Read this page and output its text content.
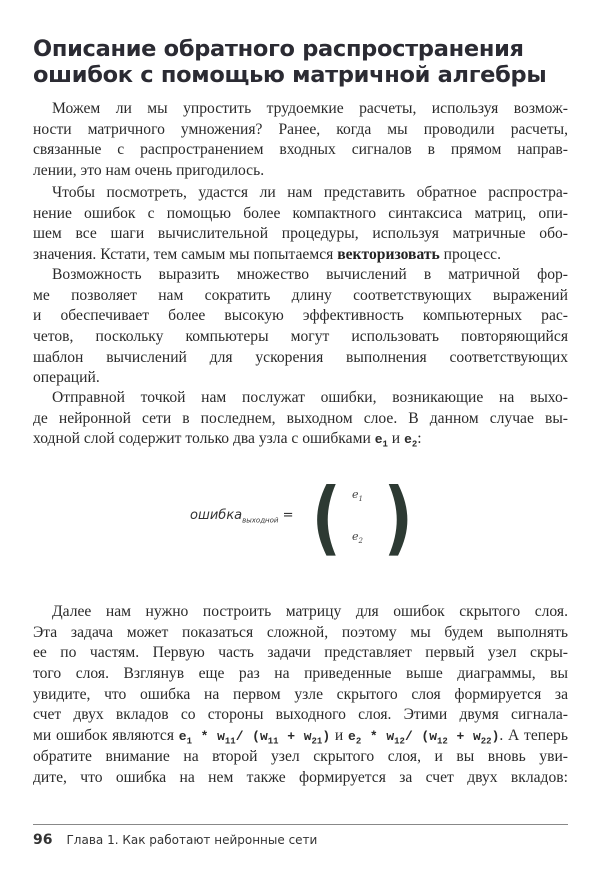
Описание обратного распространения
ошибок с помощью матричной алгебры
Можем ли мы упростить трудоемкие расчеты, используя возмож-
ности матричного умножения? Ранее, когда мы проводили расчеты,
связанные с распространением входных сигналов в прямом направ-
лении, это нам очень пригодилось.
Чтобы посмотреть, удастся ли нам представить обратное распростра-
нение ошибок с помощью более компактного синтаксиса матриц, опи-
шем все шаги вычислительной процедуры, используя матричные обо-
значения. Кстати, тем самым мы попытаемся векторизовать процесс.
Возможность выразить множество вычислений в матричной фор-
ме позволяет нам сократить длину соответствующих выражений
и обеспечивает более высокую эффективность компьютерных рас-
четов, поскольку компьютеры могут использовать повторяющийся
шаблон вычислений для ускорения выполнения соответствующих
операций.
Отправной точкой нам послужат ошибки, возникающие на выхо-
де нейронной сети в последнем, выходном слое. В данном случае вы-
ходной слой содержит только два узла с ошибками $e_1$ и $e_2$:
ошибка$_{выходной}$ = ( $e_1$
$e_2$ )
Далее нам нужно построить матрицу для ошибок скрытого слоя.
Эта задача может показаться сложной, поэтому мы будем выполнять
ее по частям. Первую часть задачи представляет первый узел скры-
того слоя. Взглянув еще раз на приведенные выше диаграммы, вы
увидите, что ошибка на первом узле скрытого слоя формируется за
счет двух вкладов со стороны выходного слоя. Этими двумя сигнала-
ми ошибок являются $e_1 * w_{11}/$ $(w_{11} + w_{21})$ и $e_2 * w_{12}/$ $(w_{12} + w_{22})$. А теперь
обратите внимание на второй узел скрытого слоя, и вы вновь уви-
дите, что ошибка на нем также формируется за счет двух вкладов:
96 Глава 1. Как работают нейронные сети
